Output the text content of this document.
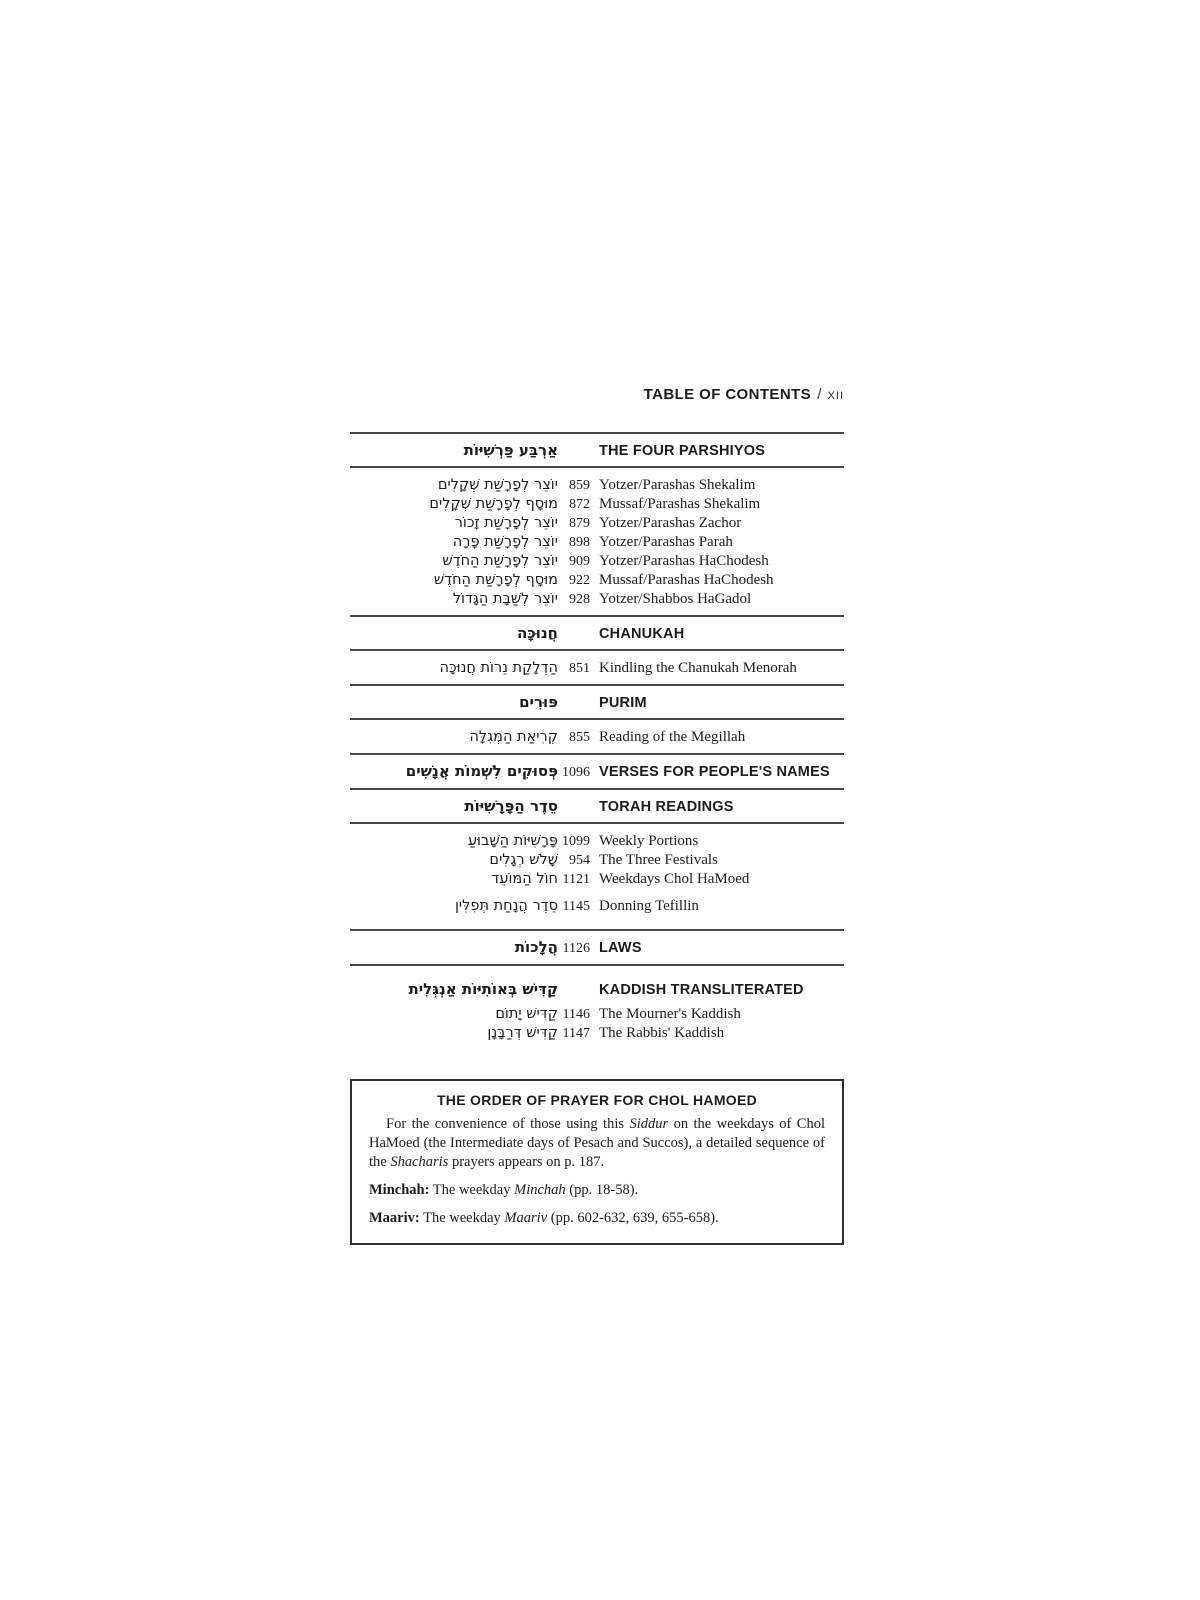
TABLE OF CONTENTS / XII
אַרְבַּע פַּרְשִׁיּוֹת	THE FOUR PARSHIYOS
יוֹצֵר לְפָרָשַׁת שְׁקָלִים 859 Yotzer/Parashas Shekalim
מוּסָף לְפָרָשַׁת שְׁקָלִים 872 Mussaf/Parashas Shekalim
יוֹצֵר לְפָרָשַׁת זָכוֹר 879 Yotzer/Parashas Zachor
יוֹצֵר לְפָרָשַׁת פָּרָה 898 Yotzer/Parashas Parah
יוֹצֵר לְפָרָשַׁת הַחֹדֶשׁ 909 Yotzer/Parashas HaChodesh
מוּסָף לְפָרָשַׁת הַחֹדֶשׁ 922 Mussaf/Parashas HaChodesh
יוֹצֵר לְשַׁבָּת הַגָּדוֹל 928 Yotzer/Shabbos HaGadol
חֲנוּכָּה	CHANUKAH
הַדְלָקַת נֵרוֹת חֲנוּכָּה 851 Kindling the Chanukah Menorah
פּוּרִים	PURIM
קְרִיאַת הַמְּגִלָּה 855 Reading of the Megillah
פְּסוּקִים לִשְׁמוֹת אֲנָשִׁים 1096 VERSES FOR PEOPLE'S NAMES
סֵדֶר הַפָּרָשִׁיּוֹת	TORAH READINGS
פָּרָשִׁיּוֹת הַשָּׁבוּעַ 1099 Weekly Portions
שָׁלֹשׁ רְגָלִים 954 The Three Festivals
חוֹל הַמּוֹעֵד 1121 Weekdays Chol HaMoed
סֵדֶר הֲנָחַת תְּפִלִּין 1145 Donning Tefillin
הֲלָכוֹת 1126 LAWS
קַדִּישׁ בְּאוֹתִיּוֹת אַנְגְּלִית	KADDISH TRANSLITERATED
קַדִּישׁ יָתוֹם 1146 The Mourner's Kaddish
קַדִּישׁ דְּרַבָּנָן 1147 The Rabbis' Kaddish
THE ORDER OF PRAYER FOR CHOL HAMOED
For the convenience of those using this Siddur on the weekdays of Chol HaMoed (the Intermediate days of Pesach and Succos), a detailed sequence of the Shacharis prayers appears on p. 187.
Minchah: The weekday Minchah (pp. 18-58).
Maariv: The weekday Maariv (pp. 602-632, 639, 655-658).
